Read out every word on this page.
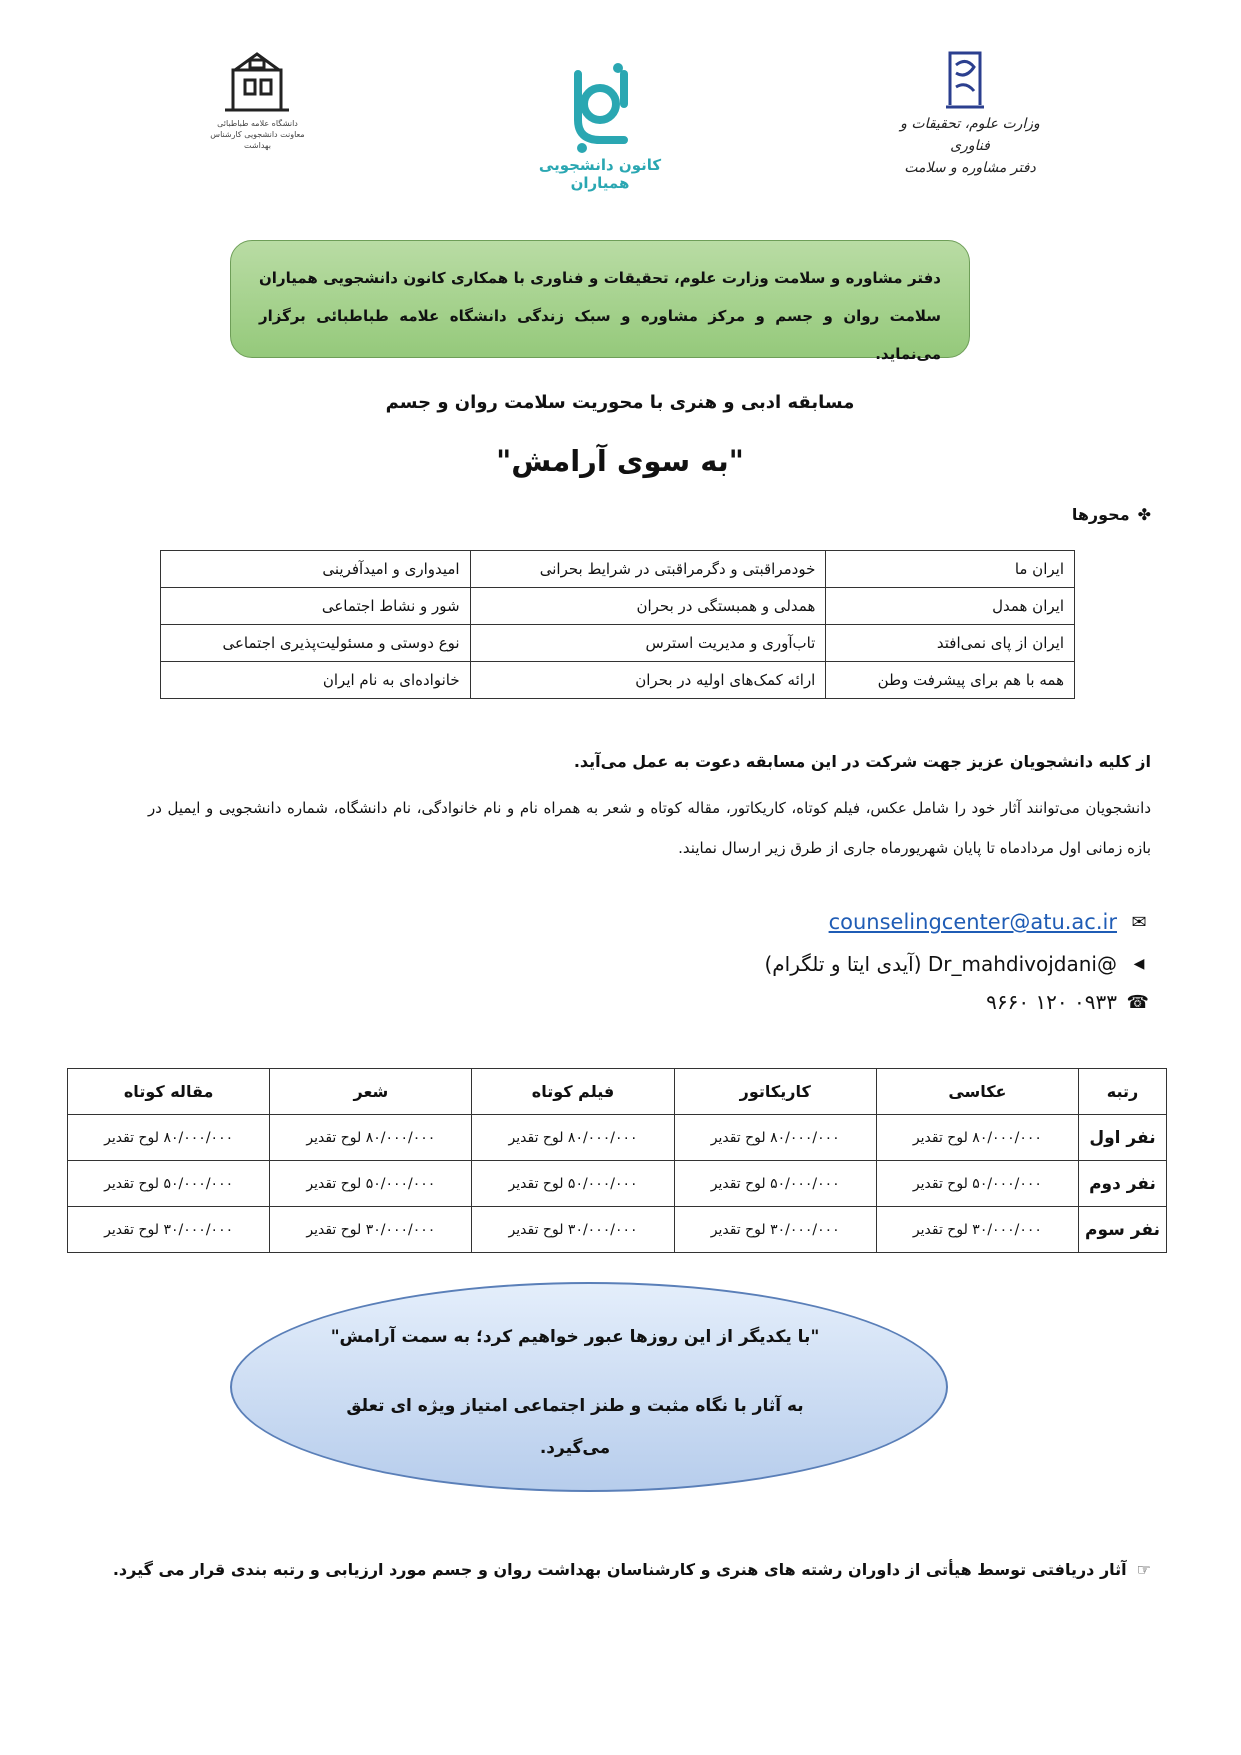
دانشگاه علامه طباطبائی معاونت دانشجویی کارشناس بهداشت
کانون دانشجویی همیاران
وزارت علوم، تحقیقات و فناوری
دفتر مشاوره و سلامت
دفتر مشاوره و سلامت وزارت علوم، تحقیقات و فناوری با همکاری کانون دانشجویی همیاران سلامت روان و جسم و مرکز مشاوره و سبک زندگی دانشگاه علامه طباطبائی برگزار می‌نماید.
مسابقه ادبی و هنری با محوریت سلامت روان و جسم
"به سوی آرامش"
✤
محورها
ایران ما	خودمراقبتی و دگرمراقبتی در شرایط بحرانی	امیدواری و امیدآفرینی
ایران همدل	همدلی و همبستگی در بحران	شور و نشاط اجتماعی
ایران از پای نمی‌افتد	تاب‌آوری و مدیریت استرس	نوع دوستی و مسئولیت‌پذیری اجتماعی
همه با هم برای پیشرفت وطن	ارائه کمک‌های اولیه در بحران	خانواده‌ای به نام ایران
از کلیه دانشجویان عزیز جهت شرکت در این مسابقه دعوت به عمل می‌آید.
دانشجویان می‌توانند آثار خود را شامل عکس، فیلم کوتاه، کاریکاتور، مقاله کوتاه و شعر به همراه نام و نام خانوادگی، نام دانشگاه، شماره دانشجویی و ایمیل در بازه زمانی اول مردادماه تا پایان شهریورماه جاری از طرق زیر ارسال نمایند.
✉
counselingcenter@atu.ac.ir
◀
@Dr_mahdivojdani (آیدی ایتا و تلگرام)
☎
۰۹۳۳ ۱۲۰ ۹۶۶۰
رتبه	عکاسی	کاریکاتور	فیلم کوتاه	شعر	مقاله کوتاه
نفر اول	۸۰/۰۰۰/۰۰۰ لوح تقدیر	۸۰/۰۰۰/۰۰۰ لوح تقدیر	۸۰/۰۰۰/۰۰۰ لوح تقدیر	۸۰/۰۰۰/۰۰۰ لوح تقدیر	۸۰/۰۰۰/۰۰۰ لوح تقدیر
نفر دوم	۵۰/۰۰۰/۰۰۰ لوح تقدیر	۵۰/۰۰۰/۰۰۰ لوح تقدیر	۵۰/۰۰۰/۰۰۰ لوح تقدیر	۵۰/۰۰۰/۰۰۰ لوح تقدیر	۵۰/۰۰۰/۰۰۰ لوح تقدیر
نفر سوم	۳۰/۰۰۰/۰۰۰ لوح تقدیر	۳۰/۰۰۰/۰۰۰ لوح تقدیر	۳۰/۰۰۰/۰۰۰ لوح تقدیر	۳۰/۰۰۰/۰۰۰ لوح تقدیر	۳۰/۰۰۰/۰۰۰ لوح تقدیر
"با یکدیگر از این روزها عبور خواهیم کرد؛ به سمت آرامش"
به آثار با نگاه مثبت و طنز اجتماعی امتیاز ویژه ای تعلق می‌گیرد.
☞
آثار دریافتی توسط هیأتی از داوران رشته های هنری و کارشناسان بهداشت روان و جسم مورد ارزیابی و رتبه بندی قرار می گیرد.
